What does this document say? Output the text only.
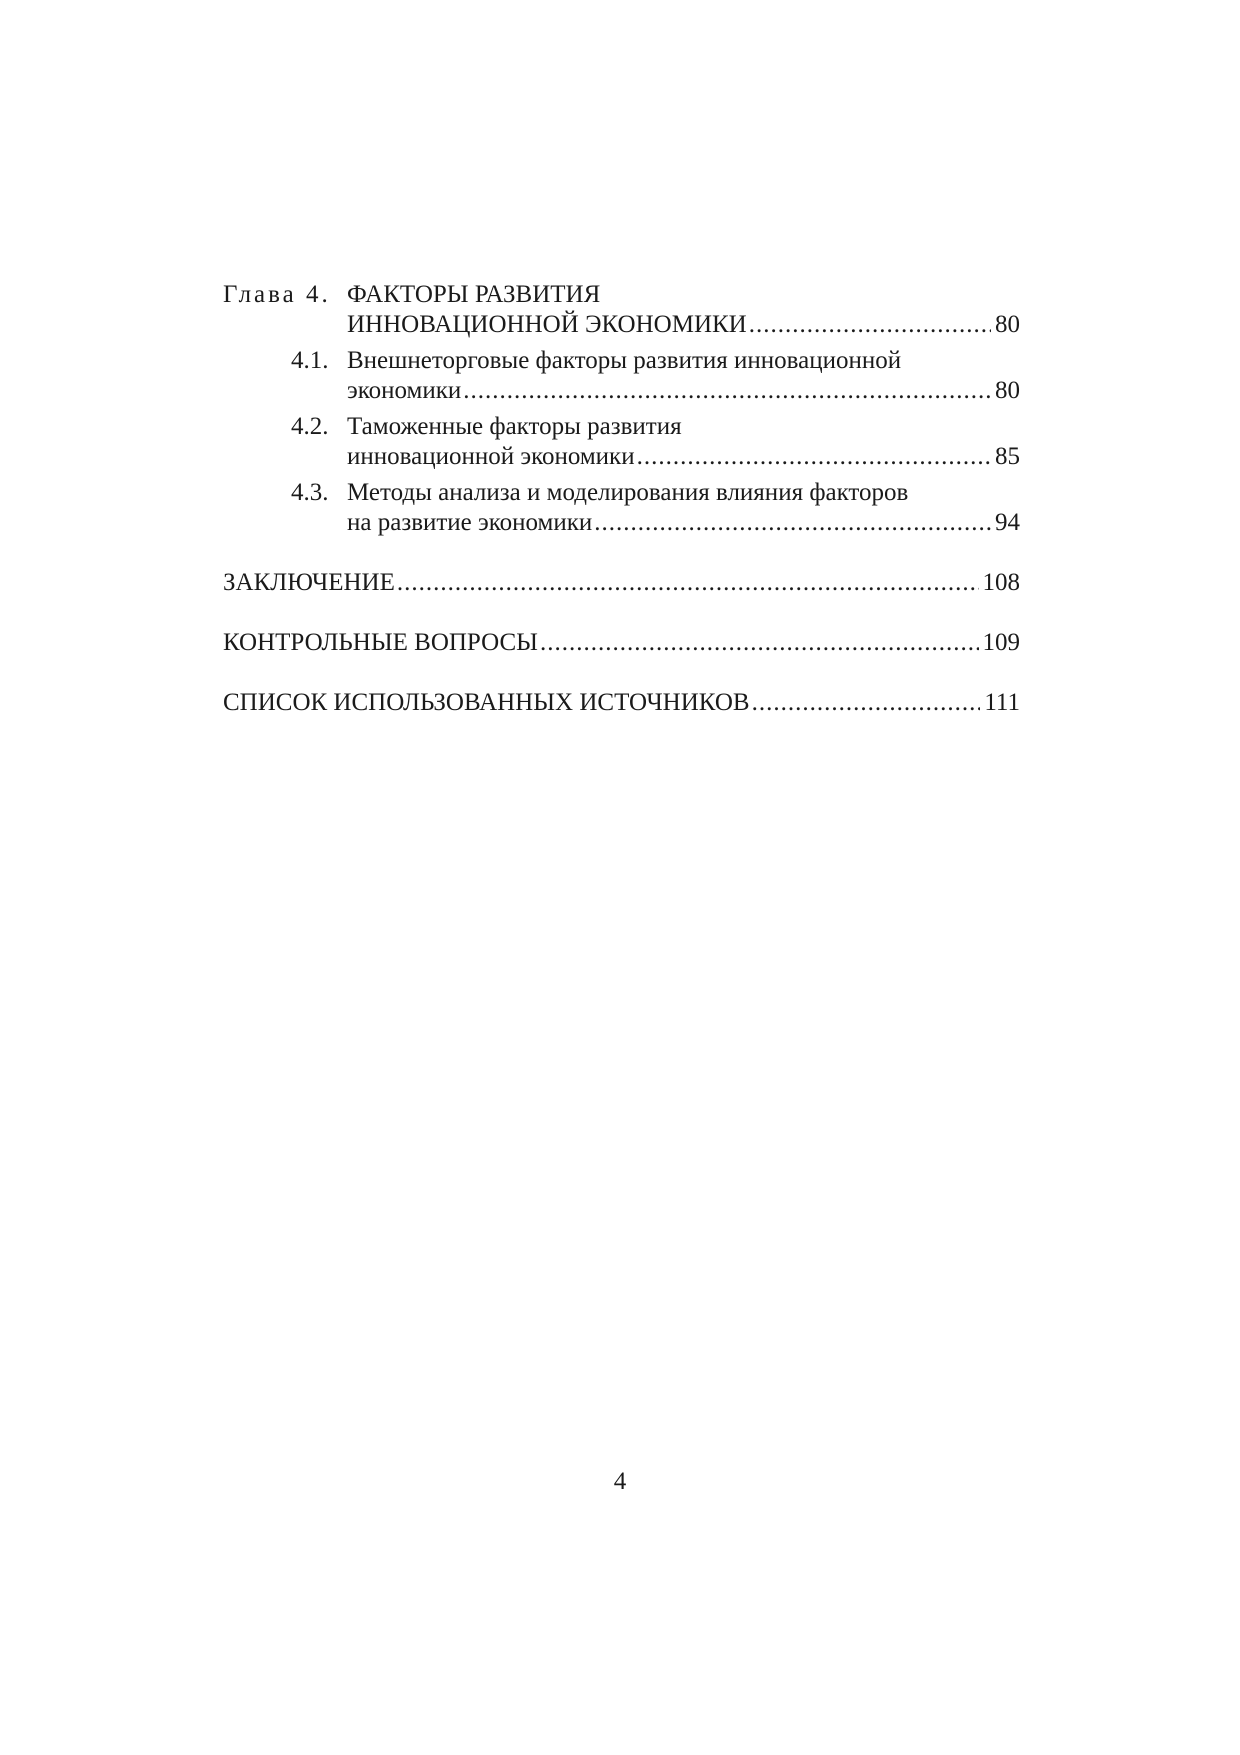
Глава 4. ФАКТОРЫ РАЗВИТИЯ
ИННОВАЦИОННОЙ ЭКОНОМИКИ .....	80
4.1. Внешнеторговые факторы развития инновационной
экономики .....	80
4.2. Таможенные факторы развития
инновационной экономики .....	85
4.3. Методы анализа и моделирования влияния факторов
на развитие экономики .....	94
ЗАКЛЮЧЕНИЕ .....	108
КОНТРОЛЬНЫЕ ВОПРОСЫ .....	109
СПИСОК ИСПОЛЬЗОВАННЫХ ИСТОЧНИКОВ .....	111
4
